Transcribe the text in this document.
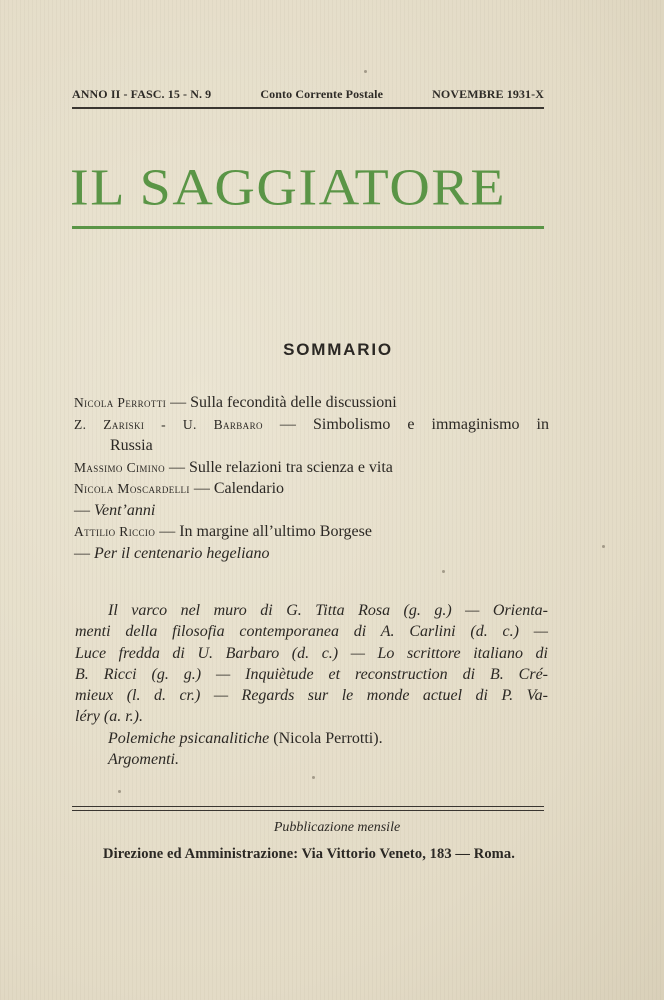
ANNO II - FASC. 15 - N. 9	Conto Corrente Postale	NOVEMBRE 1931-X
IL SAGGIATORE
SOMMARIO

Nicola Perrotti — Sulla fecondità delle discussioni

Z. Zariski - U. Barbaro — Simbolismo e immaginismo in

Russia

Massimo Cimino — Sulle relazioni tra scienza e vita

Nicola Moscardelli — Calendario

— Vent’anni

Attilio Riccio — In margine all’ultimo Borgese

— Per il centenario hegeliano

Il varco nel muro di G. Titta Rosa (g. g.) — Orienta-

menti della filosofia contemporanea di A. Carlini (d. c.) —

Luce fredda di U. Barbaro (d. c.) — Lo scrittore italiano di

B. Ricci (g. g.) — Inquiètude et reconstruction di B. Cré-

mieux (l. d. cr.) — Regards sur le monde actuel di P. Va-

léry (a. r.).

Polemiche psicanalitiche (Nicola Perrotti).

Argomenti.

Pubblicazione mensile
Direzione ed Amministrazione: Via Vittorio Veneto, 183 — Roma.
